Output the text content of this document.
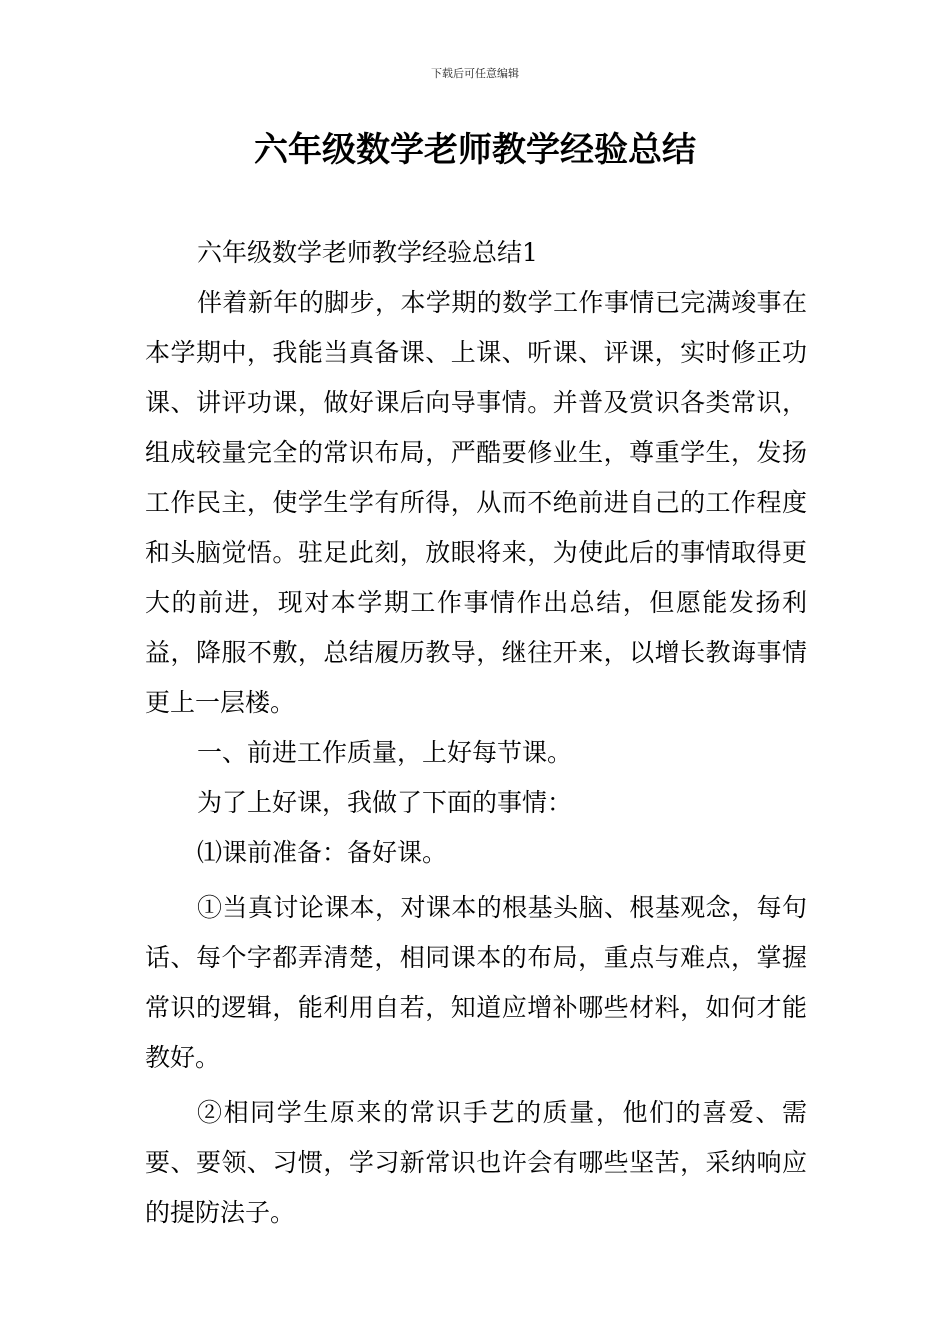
下载后可任意编辑
六年级数学老师教学经验总结

六年级数学老师教学经验总结1

伴着新年的脚步，本学期的数学工作事情已完满竣事在本学期中，我能当真备课、上课、听课、评课，实时修正功课、讲评功课，做好课后向导事情。并普及赏识各类常识，组成较量完全的常识布局，严酷要修业生，尊重学生，发扬工作民主，使学生学有所得，从而不绝前进自己的工作程度和头脑觉悟。驻足此刻，放眼将来，为使此后的事情取得更大的前进，现对本学期工作事情作出总结，但愿能发扬利益，降服不敷，总结履历教导，继往开来，以增长教诲事情更上一层楼。

一、前进工作质量，上好每节课。

为了上好课，我做了下面的事情：

⑴课前准备：备好课。

①当真讨论课本，对课本的根基头脑、根基观念，每句话、每个字都弄清楚，相同课本的布局，重点与难点，掌握常识的逻辑，能利用自若，知道应增补哪些材料，如何才能教好。

②相同学生原来的常识手艺的质量，他们的喜爱、需要、要领、习惯，学习新常识也许会有哪些坚苦，采纳响应的提防法子。
